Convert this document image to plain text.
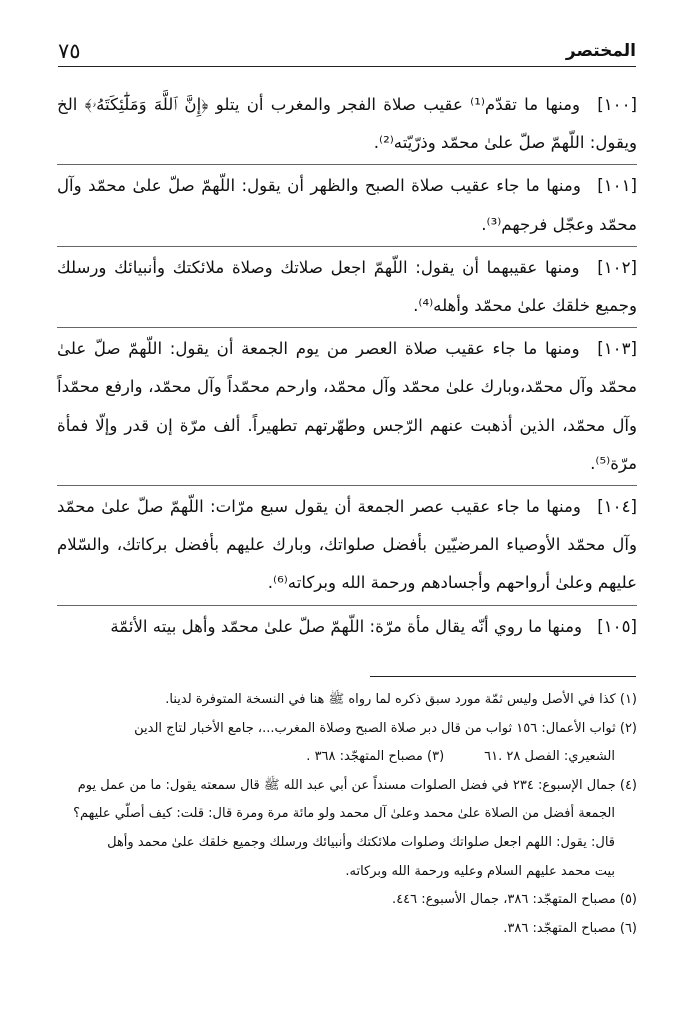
٧٥	المختصر

[١٠٠] ومنها ما تقدّم⁽¹⁾ عقيب صلاة الفجر والمغرب أن يتلو ﴿إِنَّ ٱللَّهَ وَمَلَٰٓئِكَتَهُۥ﴾ الخ ويقول: اللّهمّ صلّ علىٰ محمّد وذرّيّته⁽²⁾.

[١٠١] ومنها ما جاء عقيب صلاة الصبح والظهر أن يقول: اللّهمّ صلّ علىٰ محمّد وآل محمّد وعجّل فرجهم⁽³⁾.

[١٠٢] ومنها عقيبهما أن يقول: اللّهمّ اجعل صلاتك وصلاة ملائكتك وأنبيائك ورسلك وجميع خلقك علىٰ محمّد وأهله⁽⁴⁾.

[١٠٣] ومنها ما جاء عقيب صلاة العصر من يوم الجمعة أن يقول: اللّهمّ صلّ علىٰ محمّد وآل محمّد،وبارك علىٰ محمّد وآل محمّد، وارحم محمّداً وآل محمّد، وارفع محمّداً وآل محمّد، الذين أذهبت عنهم الرّجس وطهّرتهم تطهيراً. ألف مرّة إن قدر وإلّا فمأة مرّة⁽⁵⁾.

[١٠٤] ومنها ما جاء عقيب عصر الجمعة أن يقول سبع مرّات: اللّهمّ صلّ علىٰ محمّد وآل محمّد الأوصياء المرضيّين بأفضل صلواتك، وبارك عليهم بأفضل بركاتك، والسّلام عليهم وعلىٰ أرواحهم وأجسادهم ورحمة الله وبركاته⁽⁶⁾.

[١٠٥] ومنها ما روي أنّه يقال مأة مرّة: اللّهمّ صلّ علىٰ محمّد وأهل بيته الأئمّة

(١) كذا في الأصل وليس ثمّة مورد سبق ذكره لما رواه ﷺ هنا في النسخة المتوفرة لدينا.

(٢) ثواب الأعمال: ١٥٦ ثواب من قال دبر صلاة الصبح وصلاة المغرب...، جامع الأخبار لتاج الدين

الشعيري: الفصل ٢٨ .٦١
(٣) مصباح المتهجّد: ٣٦٨ .

(٤) جمال الإسبوع: ٢٣٤ في فضل الصلوات مسنداً عن أبي عبد الله ﷺ قال سمعته يقول: ما من عمل يوم

الجمعة أفضل من الصلاة علىٰ محمد وعلىٰ آل محمد ولو مائة مرة ومرة قال: قلت: كيف أصلّي عليهم؟

قال: يقول: اللهم اجعل صلواتك وصلوات ملائكتك وأنبيائك ورسلك وجميع خلقك علىٰ محمد وأهل

بيت محمد عليهم السلام وعليه ورحمة الله وبركاته.

(٥) مصباح المتهجّد: ٣٨٦، جمال الأسبوع: ٤٤٦.

(٦) مصباح المتهجّد: ٣٨٦.
